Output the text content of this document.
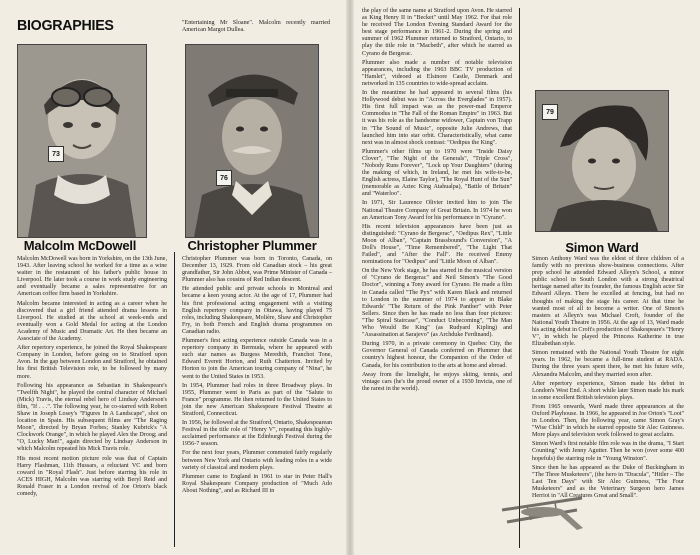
BIOGRAPHIES
73
Malcolm McDowell
76
Christopher Plummer

Malcolm McDowell was born in Yorkshire, on the 13th June, 1943. After leaving school he worked for a time as a wine waiter in the restaurant of his father's public house in Liverpool. He later took a course in work study engineering and eventually became a sales representative for an American coffee firm based in Yorkshire.

Malcolm became interested in acting as a career when he discovered that a girl friend attended drama lessons in Liverpool. He studied at the school at week-ends and eventually won a Gold Medal for acting at the London Academy of Music and Dramatic Art. He then became an Associate of the Academy.

After repertory experience, he joined the Royal Shakespeare Company in London, before going on to Stratford upon Avon. In the gap between London and Stratford, he obtained his first British Television role, to be followed by many more.

Following his appearance as Sebastian in Shakespeare's "Twelfth Night", he played the central character of Michael (Mick) Travis, the eternal rebel hero of Lindsay Anderson's film, "If . . .". The following year, he co-starred with Robert Shaw in Joseph Losey's "Figures In A Landscape", shot on location in Spain. His subsequent films are "The Raging Moon", directed by Bryan Forbes; Stanley Kubrick's "A Clockwork Orange", in which he played Alex the Droog; and "O, Lucky Man!", again directed by Lindsay Anderson in which Malcolm repeated his Mick Travis role.

His most recent motion picture role was that of Captain Harry Flashman, 11th Hussars, a reluctant VC and born coward in "Royal Flash". Just before starring his role in ACES HIGH, Malcolm was starring with Beryl Reid and Ronald Fraser in a London revival of Joe Orton's black comedy,

"Entertaining Mr Sloane". Malcolm recently married American Margot Dullea.

Christopher Plummer was born in Toronto, Canada, on December 13, 1929. From old Canadian stock – his great grandfather, Sir John Abbot, was Prime Minister of Canada – Plummer also has cousins of Red Indian descent.

He attended public and private schools in Montreal and became a keen young actor. At the age of 17, Plummer had his first professional acting engagement with a visiting English repertory company in Ottawa, having played 75 roles, including Shakespeare, Molière, Shaw and Christopher Fry, in both French and English drama programmes on Canadian radio.

Plummer's first acting experience outside Canada was in a repertory company in Bermuda, where he appeared with such star names as Burgess Meredith, Franchot Tone, Edward Everett Horton, and Ruth Chatterton. Invited by Horton to join the American touring company of "Nina", he went to the United States in 1953.

In 1954, Plummer had roles in three Broadway plays. In 1955, Plummer went to Paris as part of the "Salute to France" programme. He then returned to the United States to join the new American Shakespeare Festival Theatre at Stratford, Connecticut.

In 1956, he followed at the Stratford, Ontario, Shakespearean Festival in the title role of "Henry V", repeating this highly-acclaimed performance at the Edinburgh Festival during the 1956-7 season.

For the next four years, Plummer commuted fairly regularly between New York and Ontario with leading roles in a wide variety of classical and modern plays.

Plummer came to England in 1961 to star in Peter Hall's Royal Shakespeare Company production of "Much Ado About Nothing", and as Richard III in

the play of the same name at Stratford upon Avon. He starred as King Henry II in "Becket" until May 1962. For that role he received The London Evening Standard Award for the best stage performance in 1961-2. During the spring and summer of 1962 Plummer returned to Stratford, Ontario, to play the title role in "Macbeth", after which he starred as Cyrano de Bergerac.

Plummer also made a number of notable television appearances, including the 1963 BBC TV production of "Hamlet", videoed at Elsinore Castle, Denmark and networked in 135 countries to wide-spread acclaim.

In the meantime he had appeared in several films (his Hollywood debut was in "Across the Everglades" in 1957). His first full impact was as the power-mad Emperor Commodus in "The Fall of the Roman Empire" in 1963. But it was his role as the handsome widower, Captain von Trapp in "The Sound of Music", opposite Julie Andrews, that launched him into star orbit. Characteristically, what came next was in almost shock contrast: "Oedipus the King".

Plummer's other films up to 1970 were "Inside Daisy Clover", "The Night of the Generals", "Triple Cross", "Nobody Runs Forever", "Lock up Your Daughters" (during the making of which, in Ireland, he met his wife-to-be, English actress, Elaine Taylor), "The Royal Hunt of the Sun" (memorable as Aztec King Atahualpa), "Battle of Britain" and "Waterloo".

In 1971, Sir Laurence Olivier invited him to join The National Theatre Company of Great Britain. In 1974 he won an American Tony Award for his performance in "Cyrano".

His recent television appearances have been just as distinguished: "Cyrano de Bergerac", "Oedipus Rex", "Little Moon of Alban", "Captain Brassbound's Conversion", "A Doll's House", "Time Remembered", "The Light That Failed", and "After the Fall". He received Emmy nominations for "Oedipus" and "Little Moon of Alban".

On the New York stage, he has starred in the musical version of "Cyrano de Bergerac" and Neil Simon's "The Good Doctor", winning a Tony award for Cyrano. He made a film in Canada called "The Pyx" with Karen Black and returned to London in the summer of 1974 to appear in Blake Edwards' "The Return of the Pink Panther" with Peter Sellers. Since then he has made no less than four pictures: "The Spiral Staircase", "Conduct Unbecoming", "The Man Who Would Be King" (as Rudyard Kipling) and "Assassination at Sarajevo" (as Archduke Ferdinand).

During 1970, in a private ceremony in Quebec City, the Governor General of Canada conferred on Plummer that country's highest honour, the Companion of the Order of Canada, for his contribution to the arts at home and abroad.

Away from the limelight, he enjoys skiing, tennis, and vintage cars (he's the proud owner of a 1930 Invicta, one of the rarest in the world).

79
Simon Ward

Simon Anthony Ward was the eldest of three children of a family with no previous show-business connections. After prep school he attended Edward Alleyn's School, a minor public school in South London with a strong theatrical heritage named after its founder, the famous English actor Sir Edward Alleyn. There he excelled at fencing, but had no thoughts of making the stage his career. At that time he wanted most of all to become a writer. One of Simon's masters at Alleyn's was Michael Croft, founder of the National Youth Theatre in 1956. At the age of 13, Ward made his acting debut in Croft's production of Shakespeare's "Henry V", in which he played the Princess Katherine in true Elizabethan style.

Simon remained with the National Youth Theatre for eight years. In 1962, he became a full-time student at RADA. During the three years spent there, he met his future wife, Alexandra Malcolm, and they married soon after.

After repertory experience, Simon made his debut in London's West End. A short while later Simon made his mark in some excellent British television plays.

From 1965 onwards, Ward made three appearances at the Oxford Playhouse. In 1966, he appeared in Joe Orton's "Loot" in London. Then, the following year, came Simon Gray's "Wise Child" in which he starred opposite Sir Alec Guinness. More plays and television work followed to great acclaim.

Simon Ward's first notable film role was in the drama, "I Start Counting" with Jenny Agutter. Then he won (over some 400 hopefuls) the starring role in "Young Winston".

Since then he has appeared as the Duke of Buckingham in "The Three Musketeers", (the hero in "Dracula", "Hitler – The Last Ten Days" with Sir Alec Guinness, "The Four Musketeers" and as the Veterinary Surgeon hero James Herriot in "All Creatures Great and Small".
